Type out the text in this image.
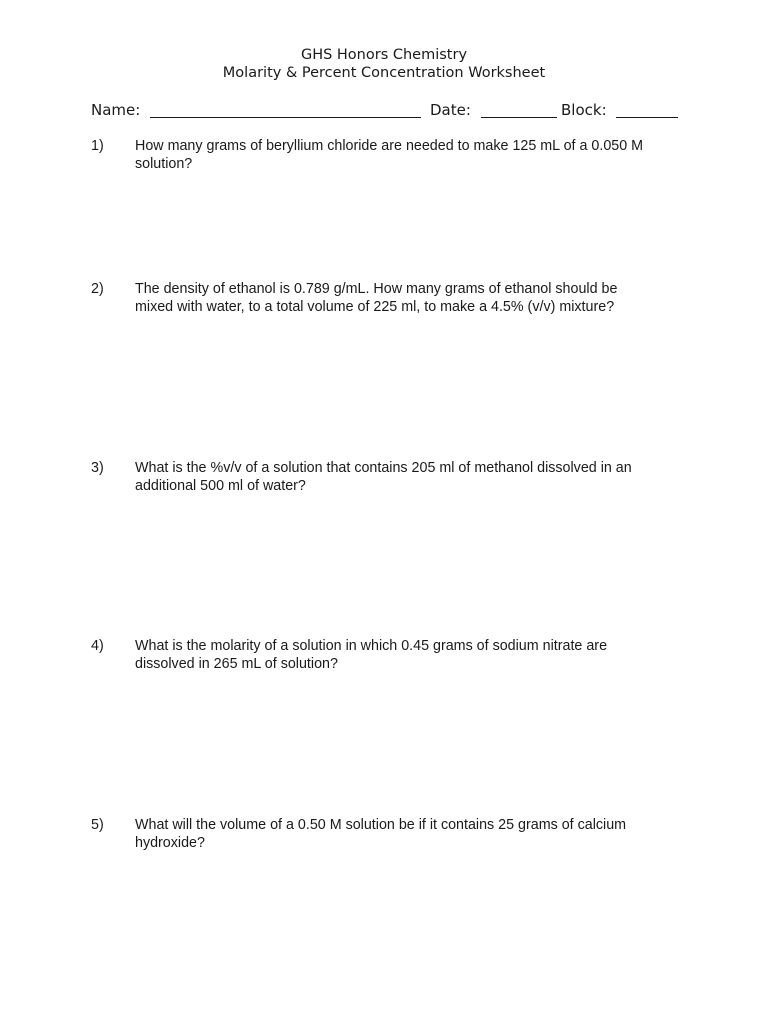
GHS Honors Chemistry
Molarity & Percent Concentration Worksheet
Name:	Date:	Block:
1) How many grams of beryllium chloride are needed to make 125 mL of a 0.050 M
solution?
2) The density of ethanol is 0.789 g/mL. How many grams of ethanol should be
mixed with water, to a total volume of 225 ml, to make a 4.5% (v/v) mixture?
3) What is the %v/v of a solution that contains 205 ml of methanol dissolved in an
additional 500 ml of water?
4) What is the molarity of a solution in which 0.45 grams of sodium nitrate are
dissolved in 265 mL of solution?
5) What will the volume of a 0.50 M solution be if it contains 25 grams of calcium
hydroxide?
